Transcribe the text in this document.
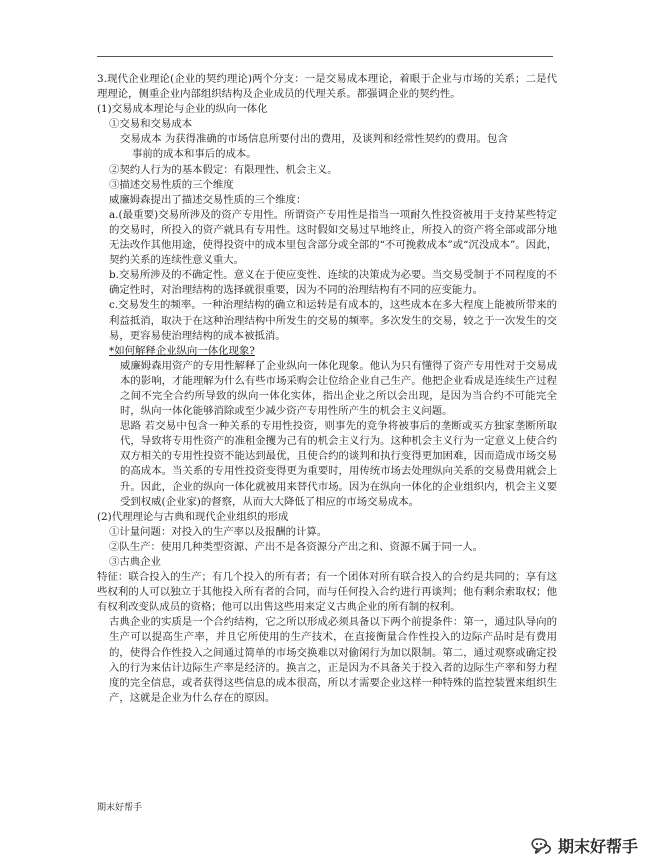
3.现代企业理论(企业的契约理论)两个分支：一是交易成本理论，着眼于企业与市场的关系；二是代理理论，侧重企业内部组织结构及企业成员的代理关系。都强调企业的契约性。

(1)交易成本理论与企业的纵向一体化

①交易和交易成本

交易成本 为获得准确的市场信息所要付出的费用，及谈判和经常性契约的费用。包含

事前的成本和事后的成本。

②契约人行为的基本假定：有限理性、机会主义。

③描述交易性质的三个维度

威廉姆森提出了描述交易性质的三个维度：

a.(最重要)交易所涉及的资产专用性。所谓资产专用性是指当一项耐久性投资被用于支持某些特定的交易时，所投入的资产就具有专用性。这时假如交易过早地终止，所投入的资产将全部或部分地无法改作其他用途，使得投资中的成本里包含部分或全部的“不可挽救成本”或“沉没成本”。因此，契约关系的连续性意义重大。

b.交易所涉及的不确定性。意义在于使应变性、连续的决策成为必要。当交易受制于不同程度的不确定性时，对治理结构的选择就很重要，因为不同的治理结构有不同的应变能力。

c.交易发生的频率。一种治理结构的确立和运转是有成本的，这些成本在多大程度上能被所带来的利益抵消，取决于在这种治理结构中所发生的交易的频率。多次发生的交易，较之于一次发生的交易，更容易使治理结构的成本被抵消。

*如何解释企业纵向一体化现象?

威廉姆森用资产的专用性解释了企业纵向一体化现象。他认为只有懂得了资产专用性对于交易成本的影响，才能理解为什么有些市场采购会让位给企业自己生产。他把企业看成是连续生产过程之间不完全合约所导致的纵向一体化实体，指出企业之所以会出现，是因为当合约不可能完全时，纵向一体化能够消除或至少减少资产专用性所产生的机会主义问题。

思路 若交易中包含一种关系的专用性投资，则事先的竞争将被事后的垄断或买方独家垄断所取代，导致将专用性资产的准租金攫为己有的机会主义行为。这种机会主义行为一定意义上使合约双方相关的专用性投资不能达到最优，且使合约的谈判和执行变得更加困难，因而造成市场交易的高成本。当关系的专用性投资变得更为重要时，用传统市场去处理纵向关系的交易费用就会上升。因此，企业的纵向一体化就被用来替代市场。因为在纵向一体化的企业组织内，机会主义要受到权威(企业家)的督察，从而大大降低了相应的市场交易成本。

(2)代理理论与古典和现代企业组织的形成

①计量问题：对投入的生产率以及报酬的计算。

②队生产：使用几种类型资源、产出不是各资源分产出之和、资源不属于同一人。

③古典企业

特征：联合投入的生产；有几个投入的所有者；有一个团体对所有联合投入的合约是共同的；享有这些权利的人可以独立于其他投入所有者的合同，而与任何投入合约进行再谈判；他有剩余索取权；他有权利改变队成员的资格；他可以出售这些用来定义古典企业的所有制的权利。

古典企业的实质是一个合约结构，它之所以形成必须具备以下两个前提条件：第一，通过队导向的生产可以提高生产率，并且它所使用的生产技术，在直接衡量合作性投入的边际产品时是有费用的，使得合作性投入之间通过简单的市场交换难以对偷闲行为加以限制。第二，通过观察或确定投入的行为来估计边际生产率是经济的。换言之，正是因为不具备关于投入者的边际生产率和努力程度的完全信息，或者获得这些信息的成本很高，所以才需要企业这样一种特殊的监控装置来组织生产，这就是企业为什么存在的原因。

期末好帮手
期末好帮手
